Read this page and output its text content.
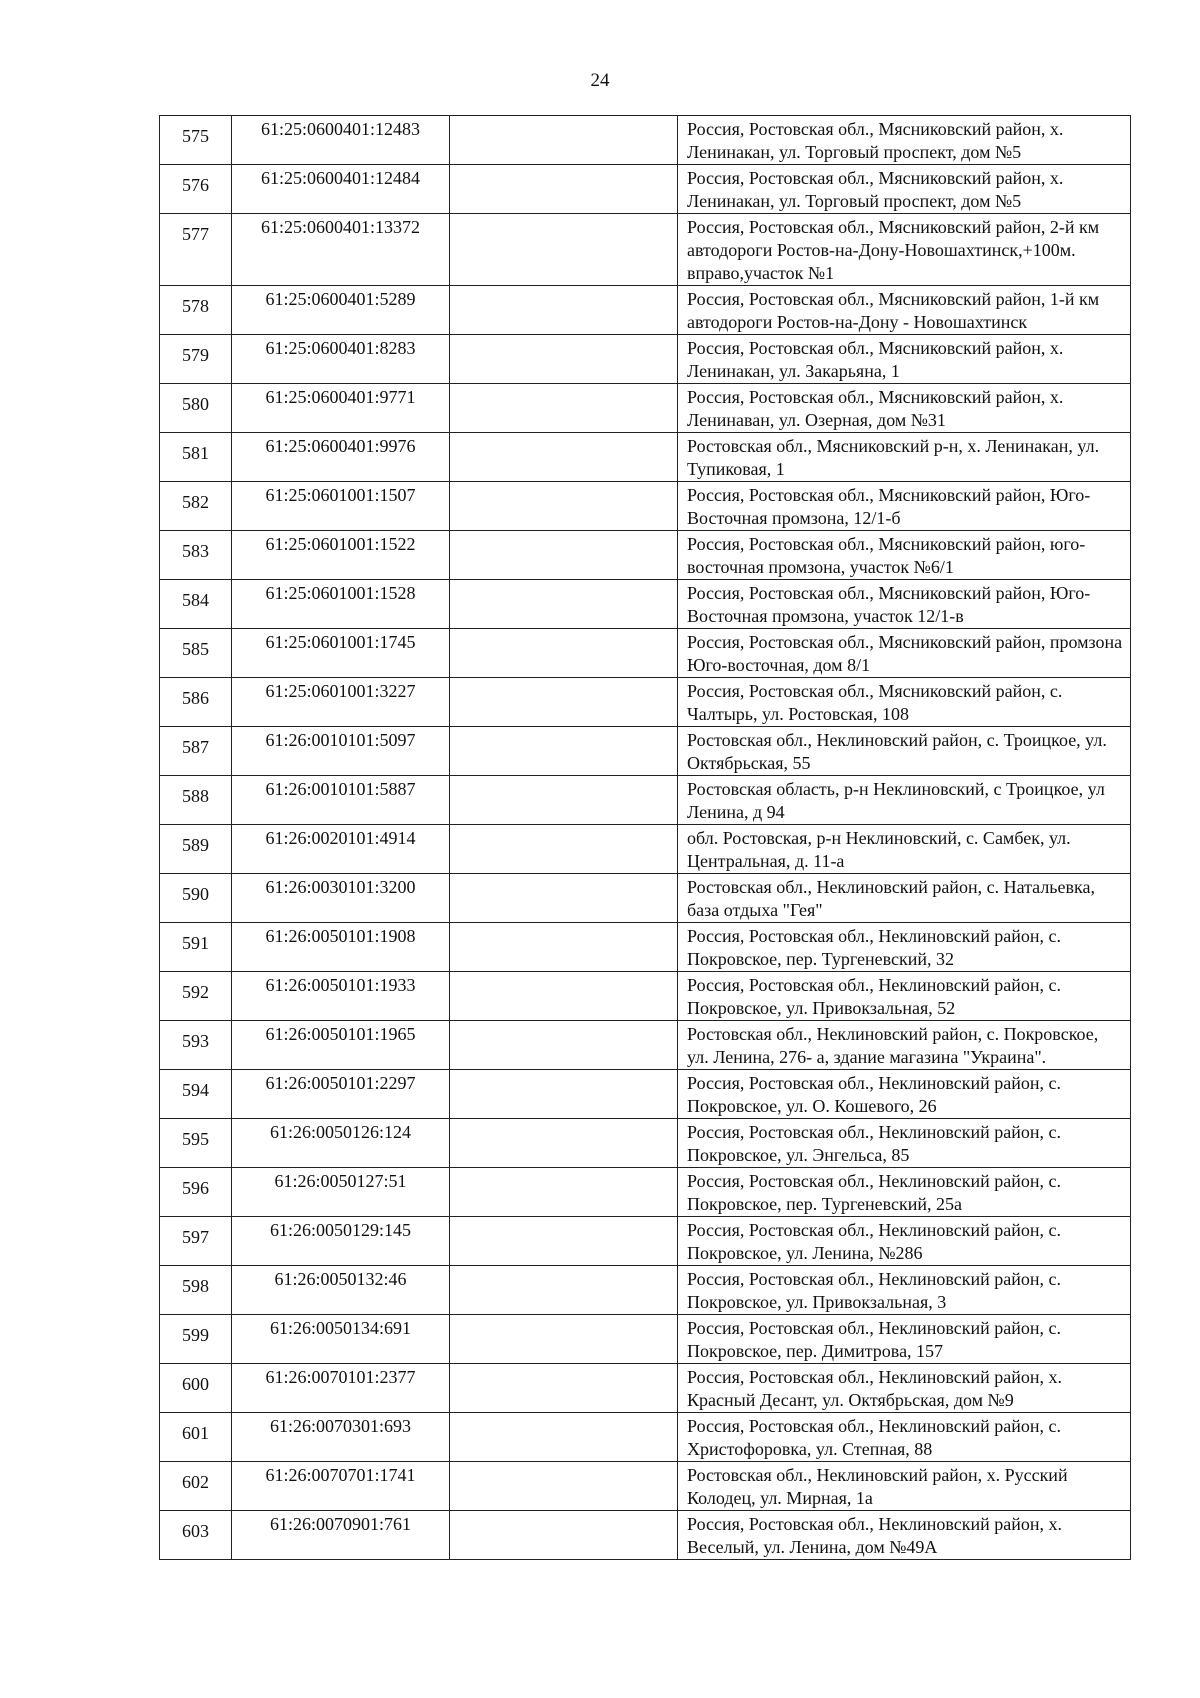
24
575	61:25:0600401:12483		Россия, Ростовская обл., Мясниковский район, х. Ленинакан, ул. Торговый проспект, дом №5

576	61:25:0600401:12484		Россия, Ростовская обл., Мясниковский район, х. Ленинакан, ул. Торговый проспект, дом №5

577	61:25:0600401:13372		Россия, Ростовская обл., Мясниковский район, 2-й км автодороги Ростов-на-Дону-Новошахтинск,+100м. вправо,участок №1

578	61:25:0600401:5289		Россия, Ростовская обл., Мясниковский район, 1-й км автодороги Ростов-на-Дону - Новошахтинск

579	61:25:0600401:8283		Россия, Ростовская обл., Мясниковский район, х. Ленинакан, ул. Закарьяна, 1

580	61:25:0600401:9771		Россия, Ростовская обл., Мясниковский район, х. Ленинаван, ул. Озерная, дом №31

581	61:25:0600401:9976		Ростовская обл., Мясниковский р-н, х. Ленинакан, ул. Тупиковая, 1

582	61:25:0601001:1507		Россия, Ростовская обл., Мясниковский район, Юго-Восточная промзона, 12/1-б

583	61:25:0601001:1522		Россия, Ростовская обл., Мясниковский район, юго-восточная промзона, участок №6/1

584	61:25:0601001:1528		Россия, Ростовская обл., Мясниковский район, Юго-Восточная промзона, участок 12/1-в

585	61:25:0601001:1745		Россия, Ростовская обл., Мясниковский район, промзона Юго-восточная, дом 8/1

586	61:25:0601001:3227		Россия, Ростовская обл., Мясниковский район, с. Чалтырь, ул. Ростовская, 108

587	61:26:0010101:5097		Ростовская обл., Неклиновский район, с. Троицкое, ул. Октябрьская, 55

588	61:26:0010101:5887		Ростовская область, р-н Неклиновский, с Троицкое, ул Ленина, д 94

589	61:26:0020101:4914		обл. Ростовская, р-н Неклиновский, с. Самбек, ул. Центральная, д. 11-а

590	61:26:0030101:3200		Ростовская обл., Неклиновский район, с. Натальевка, база отдыха "Гея"

591	61:26:0050101:1908		Россия, Ростовская обл., Неклиновский район, с. Покровское, пер. Тургеневский, 32

592	61:26:0050101:1933		Россия, Ростовская обл., Неклиновский район, с. Покровское, ул. Привокзальная, 52

593	61:26:0050101:1965		Ростовская обл., Неклиновский район, с. Покровское, ул. Ленина, 276- а, здание магазина "Украина".

594	61:26:0050101:2297		Россия, Ростовская обл., Неклиновский район, с. Покровское, ул. О. Кошевого, 26

595	61:26:0050126:124		Россия, Ростовская обл., Неклиновский район, с. Покровское, ул. Энгельса, 85

596	61:26:0050127:51		Россия, Ростовская обл., Неклиновский район, с. Покровское, пер. Тургеневский, 25а

597	61:26:0050129:145		Россия, Ростовская обл., Неклиновский район, с. Покровское, ул. Ленина, №286

598	61:26:0050132:46		Россия, Ростовская обл., Неклиновский район, с. Покровское, ул. Привокзальная, 3

599	61:26:0050134:691		Россия, Ростовская обл., Неклиновский район, с. Покровское, пер. Димитрова, 157

600	61:26:0070101:2377		Россия, Ростовская обл., Неклиновский район, х. Красный Десант, ул. Октябрьская, дом №9

601	61:26:0070301:693		Россия, Ростовская обл., Неклиновский район, с. Христофоровка, ул. Степная, 88

602	61:26:0070701:1741		Ростовская обл., Неклиновский район, х. Русский Колодец, ул. Мирная, 1а

603	61:26:0070901:761		Россия, Ростовская обл., Неклиновский район, х. Веселый, ул. Ленина, дом №49А
